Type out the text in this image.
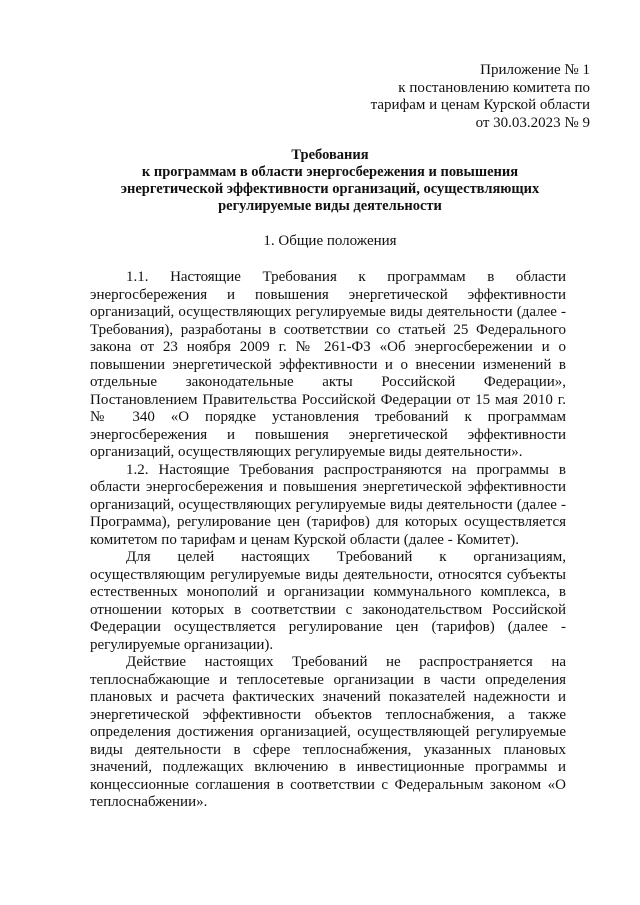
Приложение № 1
к постановлению комитета по
тарифам и ценам Курской области
от 30.03.2023 № 9
Требования
к программам в области энергосбережения и повышения
энергетической эффективности организаций, осуществляющих
регулируемые виды деятельности
1. Общие положения

1.1. Настоящие Требования к программам в области энергосбережения и повышения энергетической эффективности организаций, осуществляющих регулируемые виды деятельности (далее - Требования), разработаны в соответствии со статьей 25 Федерального закона от 23 ноября 2009 г. № 261-ФЗ «Об энергосбережении и о повышении энергетической эффективности и о внесении изменений в отдельные законодательные акты Российской Федерации», Постановлением Правительства Российской Федерации от 15 мая 2010 г. № 340 «О порядке установления требований к программам энергосбережения и повышения энергетической эффективности организаций, осуществляющих регулируемые виды деятельности».

1.2. Настоящие Требования распространяются на программы в области энергосбережения и повышения энергетической эффективности организаций, осуществляющих регулируемые виды деятельности (далее - Программа), регулирование цен (тарифов) для которых осуществляется комитетом по тарифам и ценам Курской области (далее - Комитет).

Для целей настоящих Требований к организациям, осуществляющим регулируемые виды деятельности, относятся субъекты естественных монополий и организации коммунального комплекса, в отношении которых в соответствии с законодательством Российской Федерации осуществляется регулирование цен (тарифов) (далее - регулируемые организации).

Действие настоящих Требований не распространяется на теплоснабжающие и теплосетевые организации в части определения плановых и расчета фактических значений показателей надежности и энергетической эффективности объектов теплоснабжения, а также определения достижения организацией, осуществляющей регулируемые виды деятельности в сфере теплоснабжения, указанных плановых значений, подлежащих включению в инвестиционные программы и концессионные соглашения в соответствии с Федеральным законом «О теплоснабжении».
